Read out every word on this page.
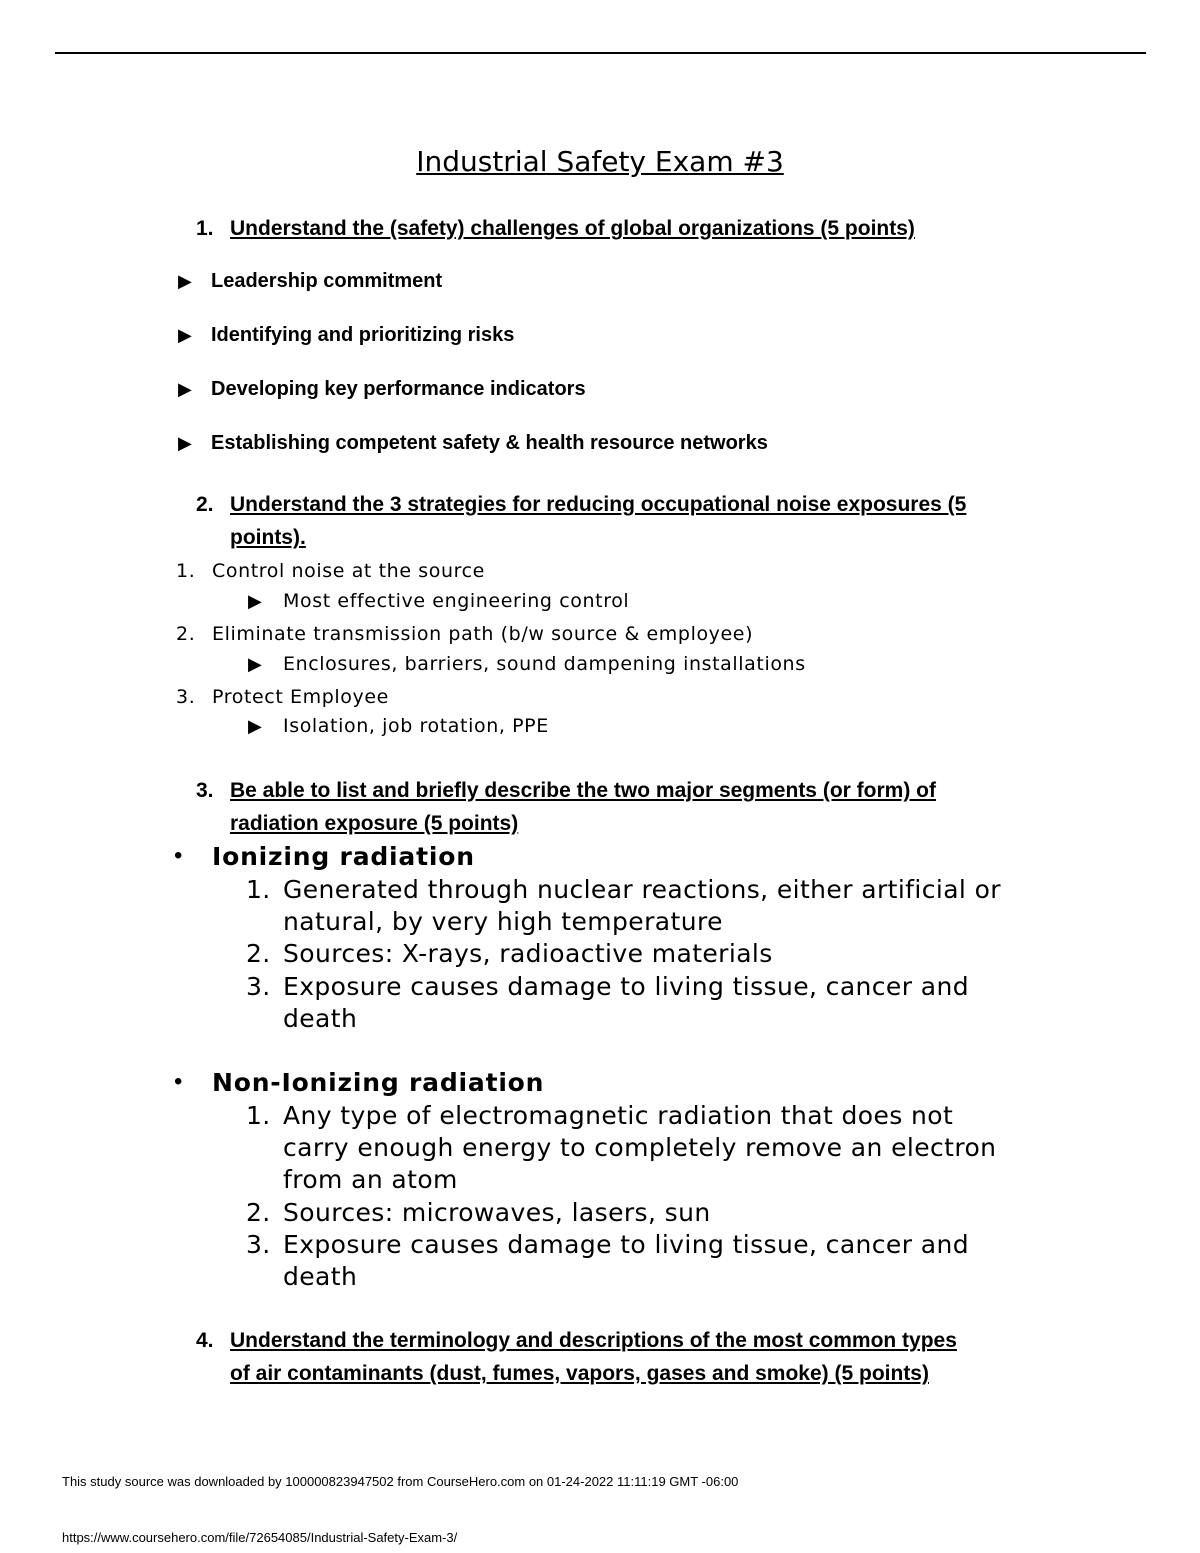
Industrial Safety Exam #3
1. Understand the (safety) challenges of global organizations (5 points)
▶ Leadership commitment
▶ Identifying and prioritizing risks
▶ Developing key performance indicators
▶ Establishing competent safety & health resource networks
2. Understand the 3 strategies for reducing occupational noise exposures (5
points).
1. Control noise at the source
▶ Most effective engineering control
2. Eliminate transmission path (b/w source & employee)
▶ Enclosures, barriers, sound dampening installations
3. Protect Employee
▶ Isolation, job rotation, PPE
3. Be able to list and briefly describe the two major segments (or form) of
radiation exposure (5 points)
• Ionizing radiation
1. Generated through nuclear reactions, either artificial or
natural, by very high temperature
2. Sources: X-rays, radioactive materials
3. Exposure causes damage to living tissue, cancer and
death
• Non-Ionizing radiation
1. Any type of electromagnetic radiation that does not
carry enough energy to completely remove an electron
from an atom
2. Sources: microwaves, lasers, sun
3. Exposure causes damage to living tissue, cancer and
death
4. Understand the terminology and descriptions of the most common types
of air contaminants (dust, fumes, vapors, gases and smoke) (5 points)
This study source was downloaded by 100000823947502 from CourseHero.com on 01-24-2022 11:11:19 GMT -06:00
https://www.coursehero.com/file/72654085/Industrial-Safety-Exam-3/
